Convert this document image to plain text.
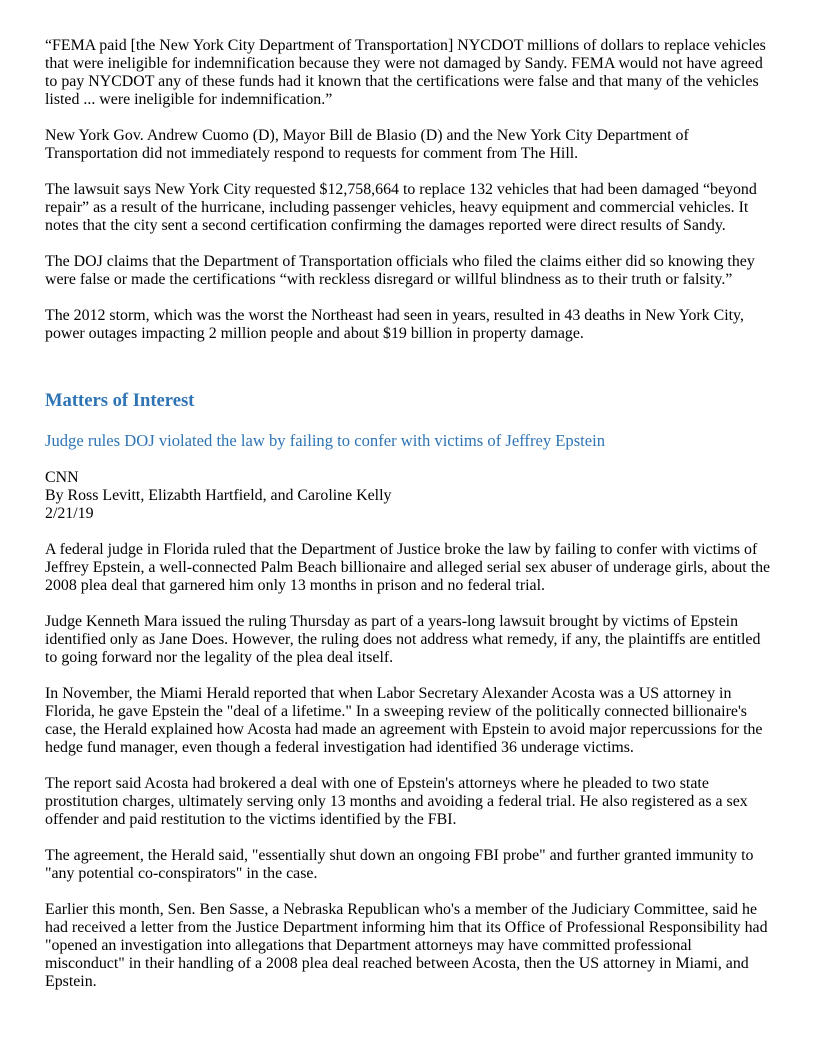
“FEMA paid [the New York City Department of Transportation] NYCDOT millions of dollars to replace vehicles that were ineligible for indemnification because they were not damaged by Sandy. FEMA would not have agreed to pay NYCDOT any of these funds had it known that the certifications were false and that many of the vehicles listed ... were ineligible for indemnification.”

New York Gov. Andrew Cuomo (D), Mayor Bill de Blasio (D) and the New York City Department of Transportation did not immediately respond to requests for comment from The Hill.

The lawsuit says New York City requested $12,758,664 to replace 132 vehicles that had been damaged “beyond repair” as a result of the hurricane, including passenger vehicles, heavy equipment and commercial vehicles. It notes that the city sent a second certification confirming the damages reported were direct results of Sandy.

The DOJ claims that the Department of Transportation officials who filed the claims either did so knowing they were false or made the certifications “with reckless disregard or willful blindness as to their truth or falsity.”

The 2012 storm, which was the worst the Northeast had seen in years, resulted in 43 deaths in New York City, power outages impacting 2 million people and about $19 billion in property damage.

Matters of Interest
Judge rules DOJ violated the law by failing to confer with victims of Jeffrey Epstein
CNN
By Ross Levitt, Elizabth Hartfield, and Caroline Kelly
2/21/19

A federal judge in Florida ruled that the Department of Justice broke the law by failing to confer with victims of Jeffrey Epstein, a well-connected Palm Beach billionaire and alleged serial sex abuser of underage girls, about the 2008 plea deal that garnered him only 13 months in prison and no federal trial.

Judge Kenneth Mara issued the ruling Thursday as part of a years-long lawsuit brought by victims of Epstein identified only as Jane Does. However, the ruling does not address what remedy, if any, the plaintiffs are entitled to going forward nor the legality of the plea deal itself.

In November, the Miami Herald reported that when Labor Secretary Alexander Acosta was a US attorney in Florida, he gave Epstein the "deal of a lifetime." In a sweeping review of the politically connected billionaire's case, the Herald explained how Acosta had made an agreement with Epstein to avoid major repercussions for the hedge fund manager, even though a federal investigation had identified 36 underage victims.

The report said Acosta had brokered a deal with one of Epstein's attorneys where he pleaded to two state prostitution charges, ultimately serving only 13 months and avoiding a federal trial. He also registered as a sex offender and paid restitution to the victims identified by the FBI.

The agreement, the Herald said, "essentially shut down an ongoing FBI probe" and further granted immunity to "any potential co-conspirators" in the case.

Earlier this month, Sen. Ben Sasse, a Nebraska Republican who's a member of the Judiciary Committee, said he had received a letter from the Justice Department informing him that its Office of Professional Responsibility had "opened an investigation into allegations that Department attorneys may have committed professional misconduct" in their handling of a 2008 plea deal reached between Acosta, then the US attorney in Miami, and Epstein.
